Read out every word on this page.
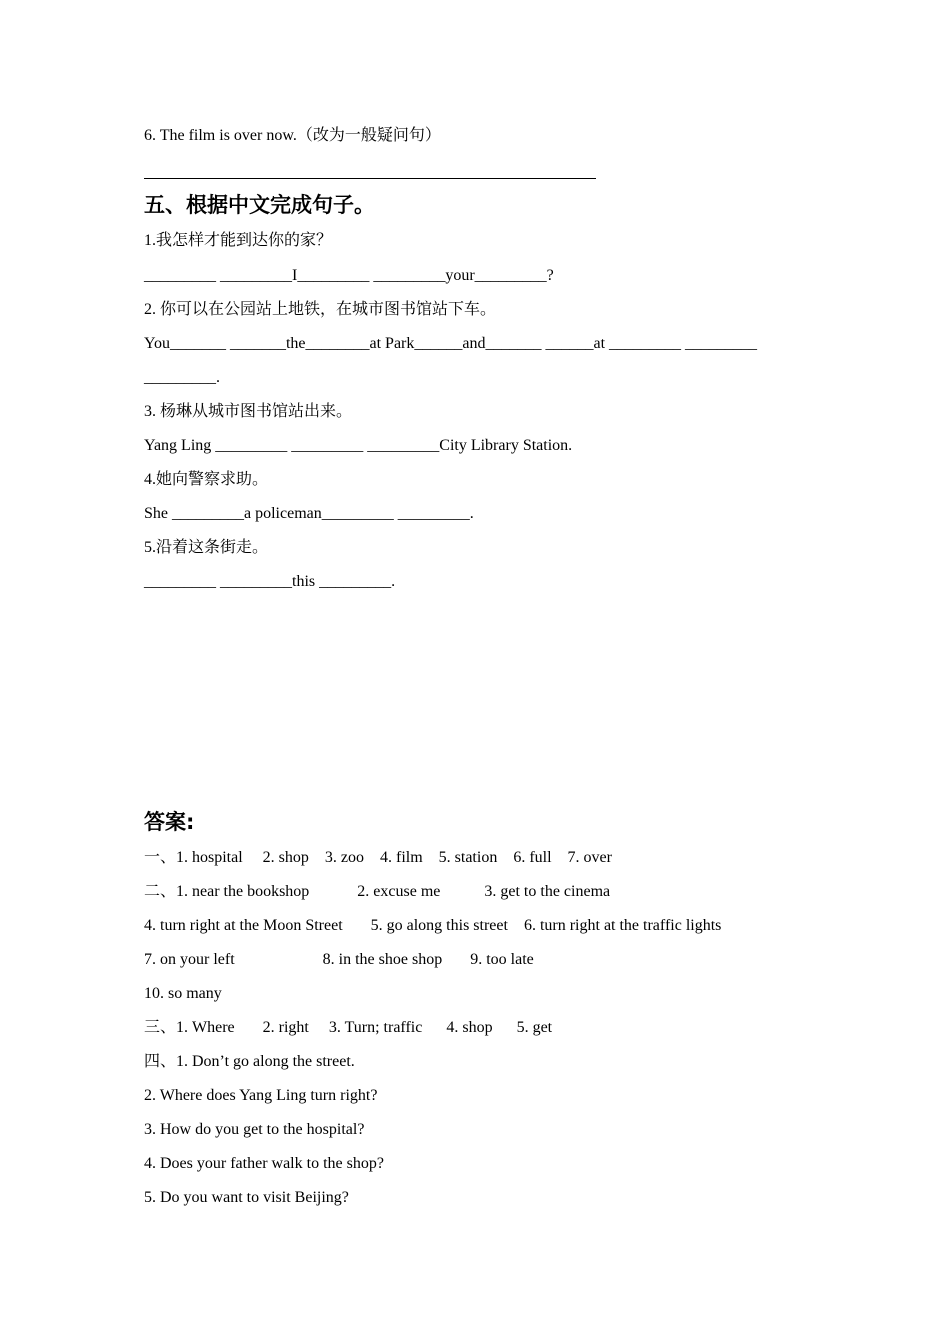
6. The film is over now.（改为一般疑问句）
五、根据中文完成句子。
1.我怎样才能到达你的家？
_________ _________I_________ _________your_________?
2. 你可以在公园站上地铁，在城市图书馆站下车。
You_______ _______the________at Park______and_______ ______at _________ _________
_________.
3. 杨琳从城市图书馆站出来。
Yang Ling _________ _________ _________City Library Station.
4.她向警察求助。
She _________a policeman_________ _________.
5.沿着这条街走。
_________ _________this _________.
答案:
一、1. hospital     2. shop    3. zoo    4. film    5. station    6. full    7. over
二、1. near the bookshop            2. excuse me           3. get to the cinema
4. turn right at the Moon Street       5. go along this street    6. turn right at the traffic lights
7. on your left                      8. in the shoe shop       9. too late
10. so many
三、1. Where       2. right     3. Turn; traffic      4. shop      5. get
四、1. Don’t go along the street.
2. Where does Yang Ling turn right?
3. How do you get to the hospital?
4. Does your father walk to the shop?
5. Do you want to visit Beijing?
